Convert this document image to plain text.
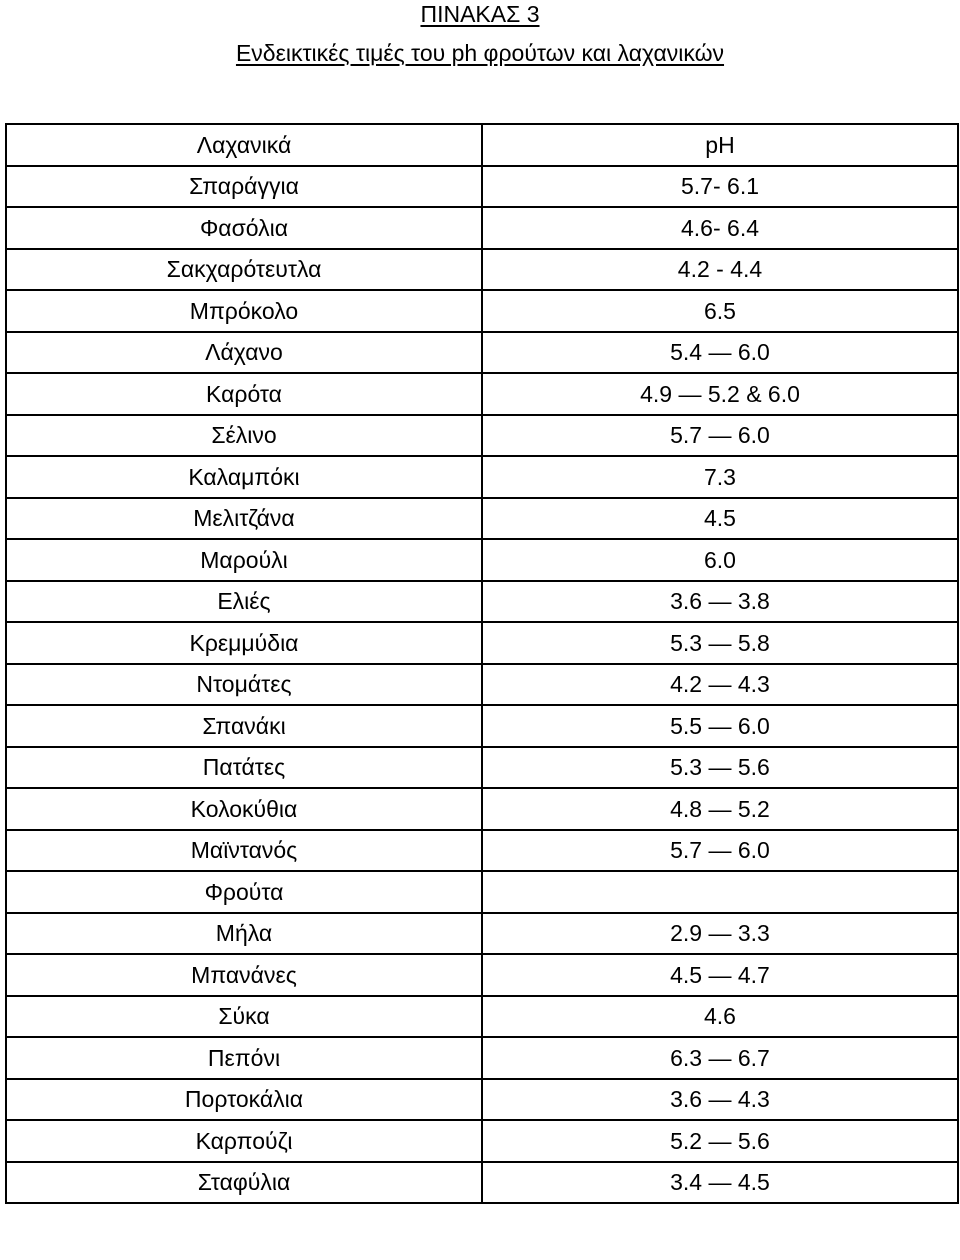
ΠΙΝΑΚΑΣ 3
Ενδεικτικές τιμές του ph φρούτων και λαχανικών
Λαχανικά	pH
Σπαράγγια	5.7- 6.1
Φασόλια	4.6- 6.4
Σακχαρότευτλα	4.2 - 4.4
Μπρόκολο	6.5
Λάχανο	5.4 — 6.0
Καρότα	4.9 — 5.2 & 6.0
Σέλινο	5.7 — 6.0
Καλαμπόκι	7.3
Μελιτζάνα	4.5
Μαρούλι	6.0
Ελιές	3.6 — 3.8
Κρεμμύδια	5.3 — 5.8
Ντομάτες	4.2 — 4.3
Σπανάκι	5.5 — 6.0
Πατάτες	5.3 — 5.6
Κολοκύθια	4.8 — 5.2
Μαϊντανός	5.7 — 6.0
Φρούτα	
Μήλα	2.9 — 3.3
Μπανάνες	4.5 — 4.7
Σύκα	4.6
Πεπόνι	6.3 — 6.7
Πορτοκάλια	3.6 — 4.3
Καρπούζι	5.2 — 5.6
Σταφύλια	3.4 — 4.5
